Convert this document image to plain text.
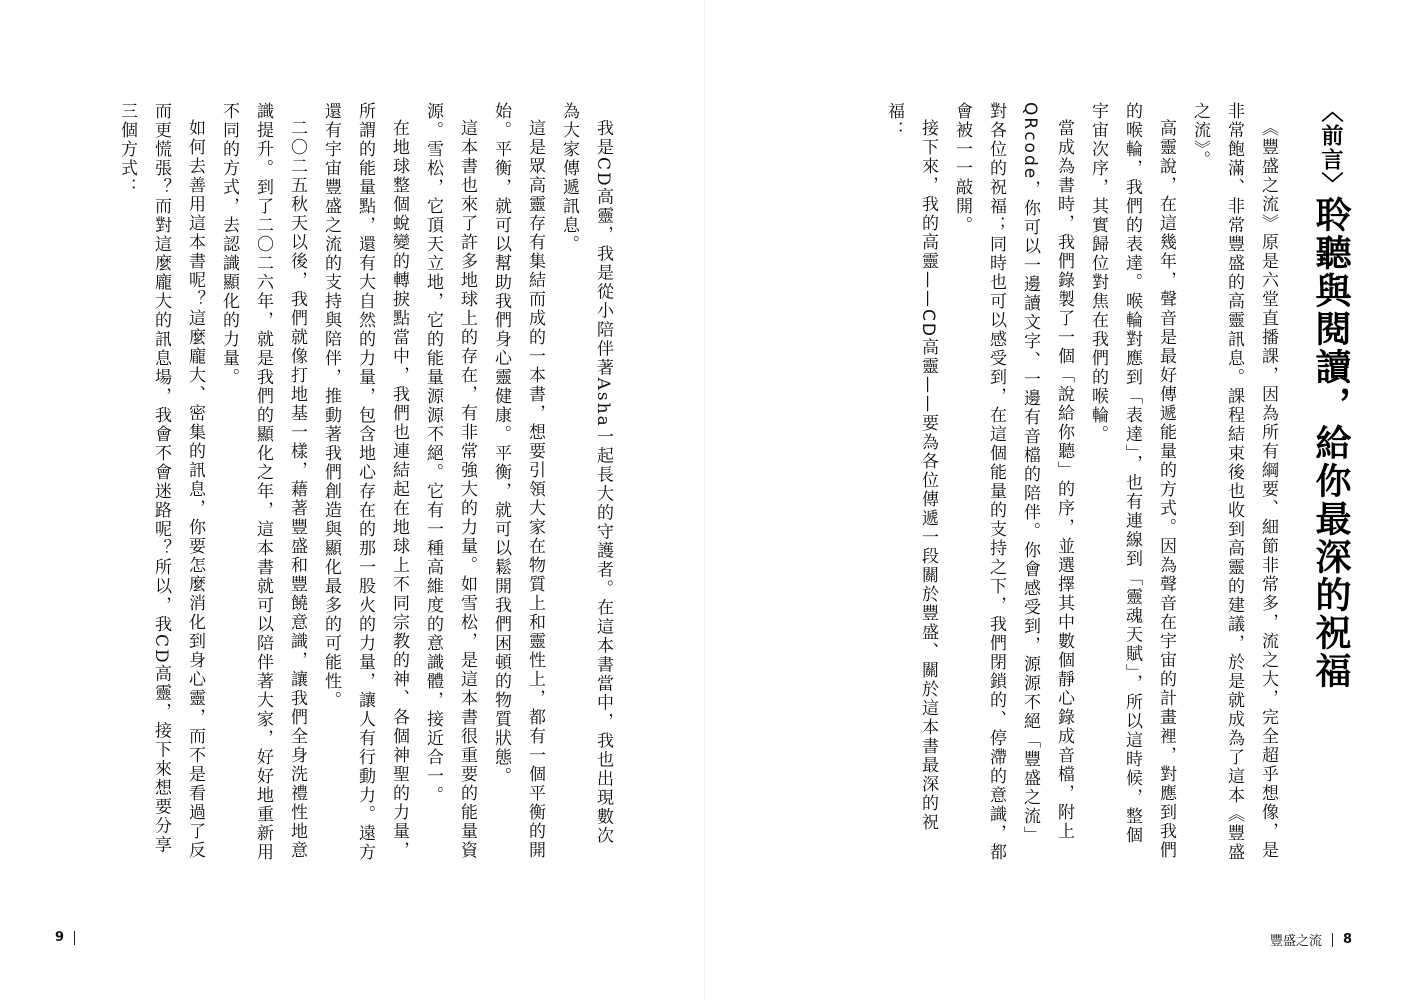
〈前言〉聆聽與閱讀，給你最深的祝福

《豐盛之流》原是六堂直播課，因為所有綱要、細節非常多，流之大，完全超乎想像，是非常飽滿、非常豐盛的高靈訊息。課程結束後也收到高靈的建議，於是就成為了這本《豐盛之流》。

高靈說，在這幾年，聲音是最好傳遞能量的方式。因為聲音在宇宙的計畫裡，對應到我們的喉輪，我們的表達。喉輪對應到「表達」，也有連線到「靈魂天賦」，所以這時候，整個宇宙次序，其實歸位對焦在我們的喉輪。

當成為書時，我們錄製了一個「說給你聽」的序，並選擇其中數個靜心錄成音檔，附上QRcode，你可以一邊讀文字、一邊有音檔的陪伴。你會感受到，源源不絕「豐盛之流」對各位的祝福；同時也可以感受到，在這個能量的支持之下，我們閉鎖的、停滯的意識，都會被一一敲開。

接下來，我的高靈——CD高靈——要為各位傳遞一段關於豐盛、關於這本書最深的祝福：

我是CD高靈，我是從小陪伴著Asha一起長大的守護者。在這本書當中，我也出現數次為大家傳遞訊息。

這是眾高靈存有集結而成的一本書，想要引領大家在物質上和靈性上，都有一個平衡的開始。平衡，就可以幫助我們身心靈健康。平衡，就可以鬆開我們困頓的物質狀態。

這本書也來了許多地球上的存在，有非常強大的力量。如雪松，是這本書很重要的能量資源。雪松，它頂天立地，它的能量源源不絕。它有一種高維度的意識體，接近合一。

在地球整個蛻變的轉捩點當中，我們也連結起在地球上不同宗教的神、各個神聖的力量，所謂的能量點，還有大自然的力量，包含地心存在的那一股火的力量，讓人有行動力。遠方還有宇宙豐盛之流的支持與陪伴，推動著我們創造與顯化最多的可能性。

二〇二五秋天以後，我們就像打地基一樣，藉著豐盛和豐饒意識，讓我們全身洗禮性地意識提升。到了二〇二六年，就是我們的顯化之年，這本書就可以陪伴著大家，好好地重新用不同的方式，去認識顯化的力量。

如何去善用這本書呢？這麼龐大、密集的訊息，你要怎麼消化到身心靈，而不是看過了反而更慌張？而對這麼龐大的訊息場，我會不會迷路呢？所以，我CD高靈，接下來想要分享三個方式：

9	豐盛之流 8
